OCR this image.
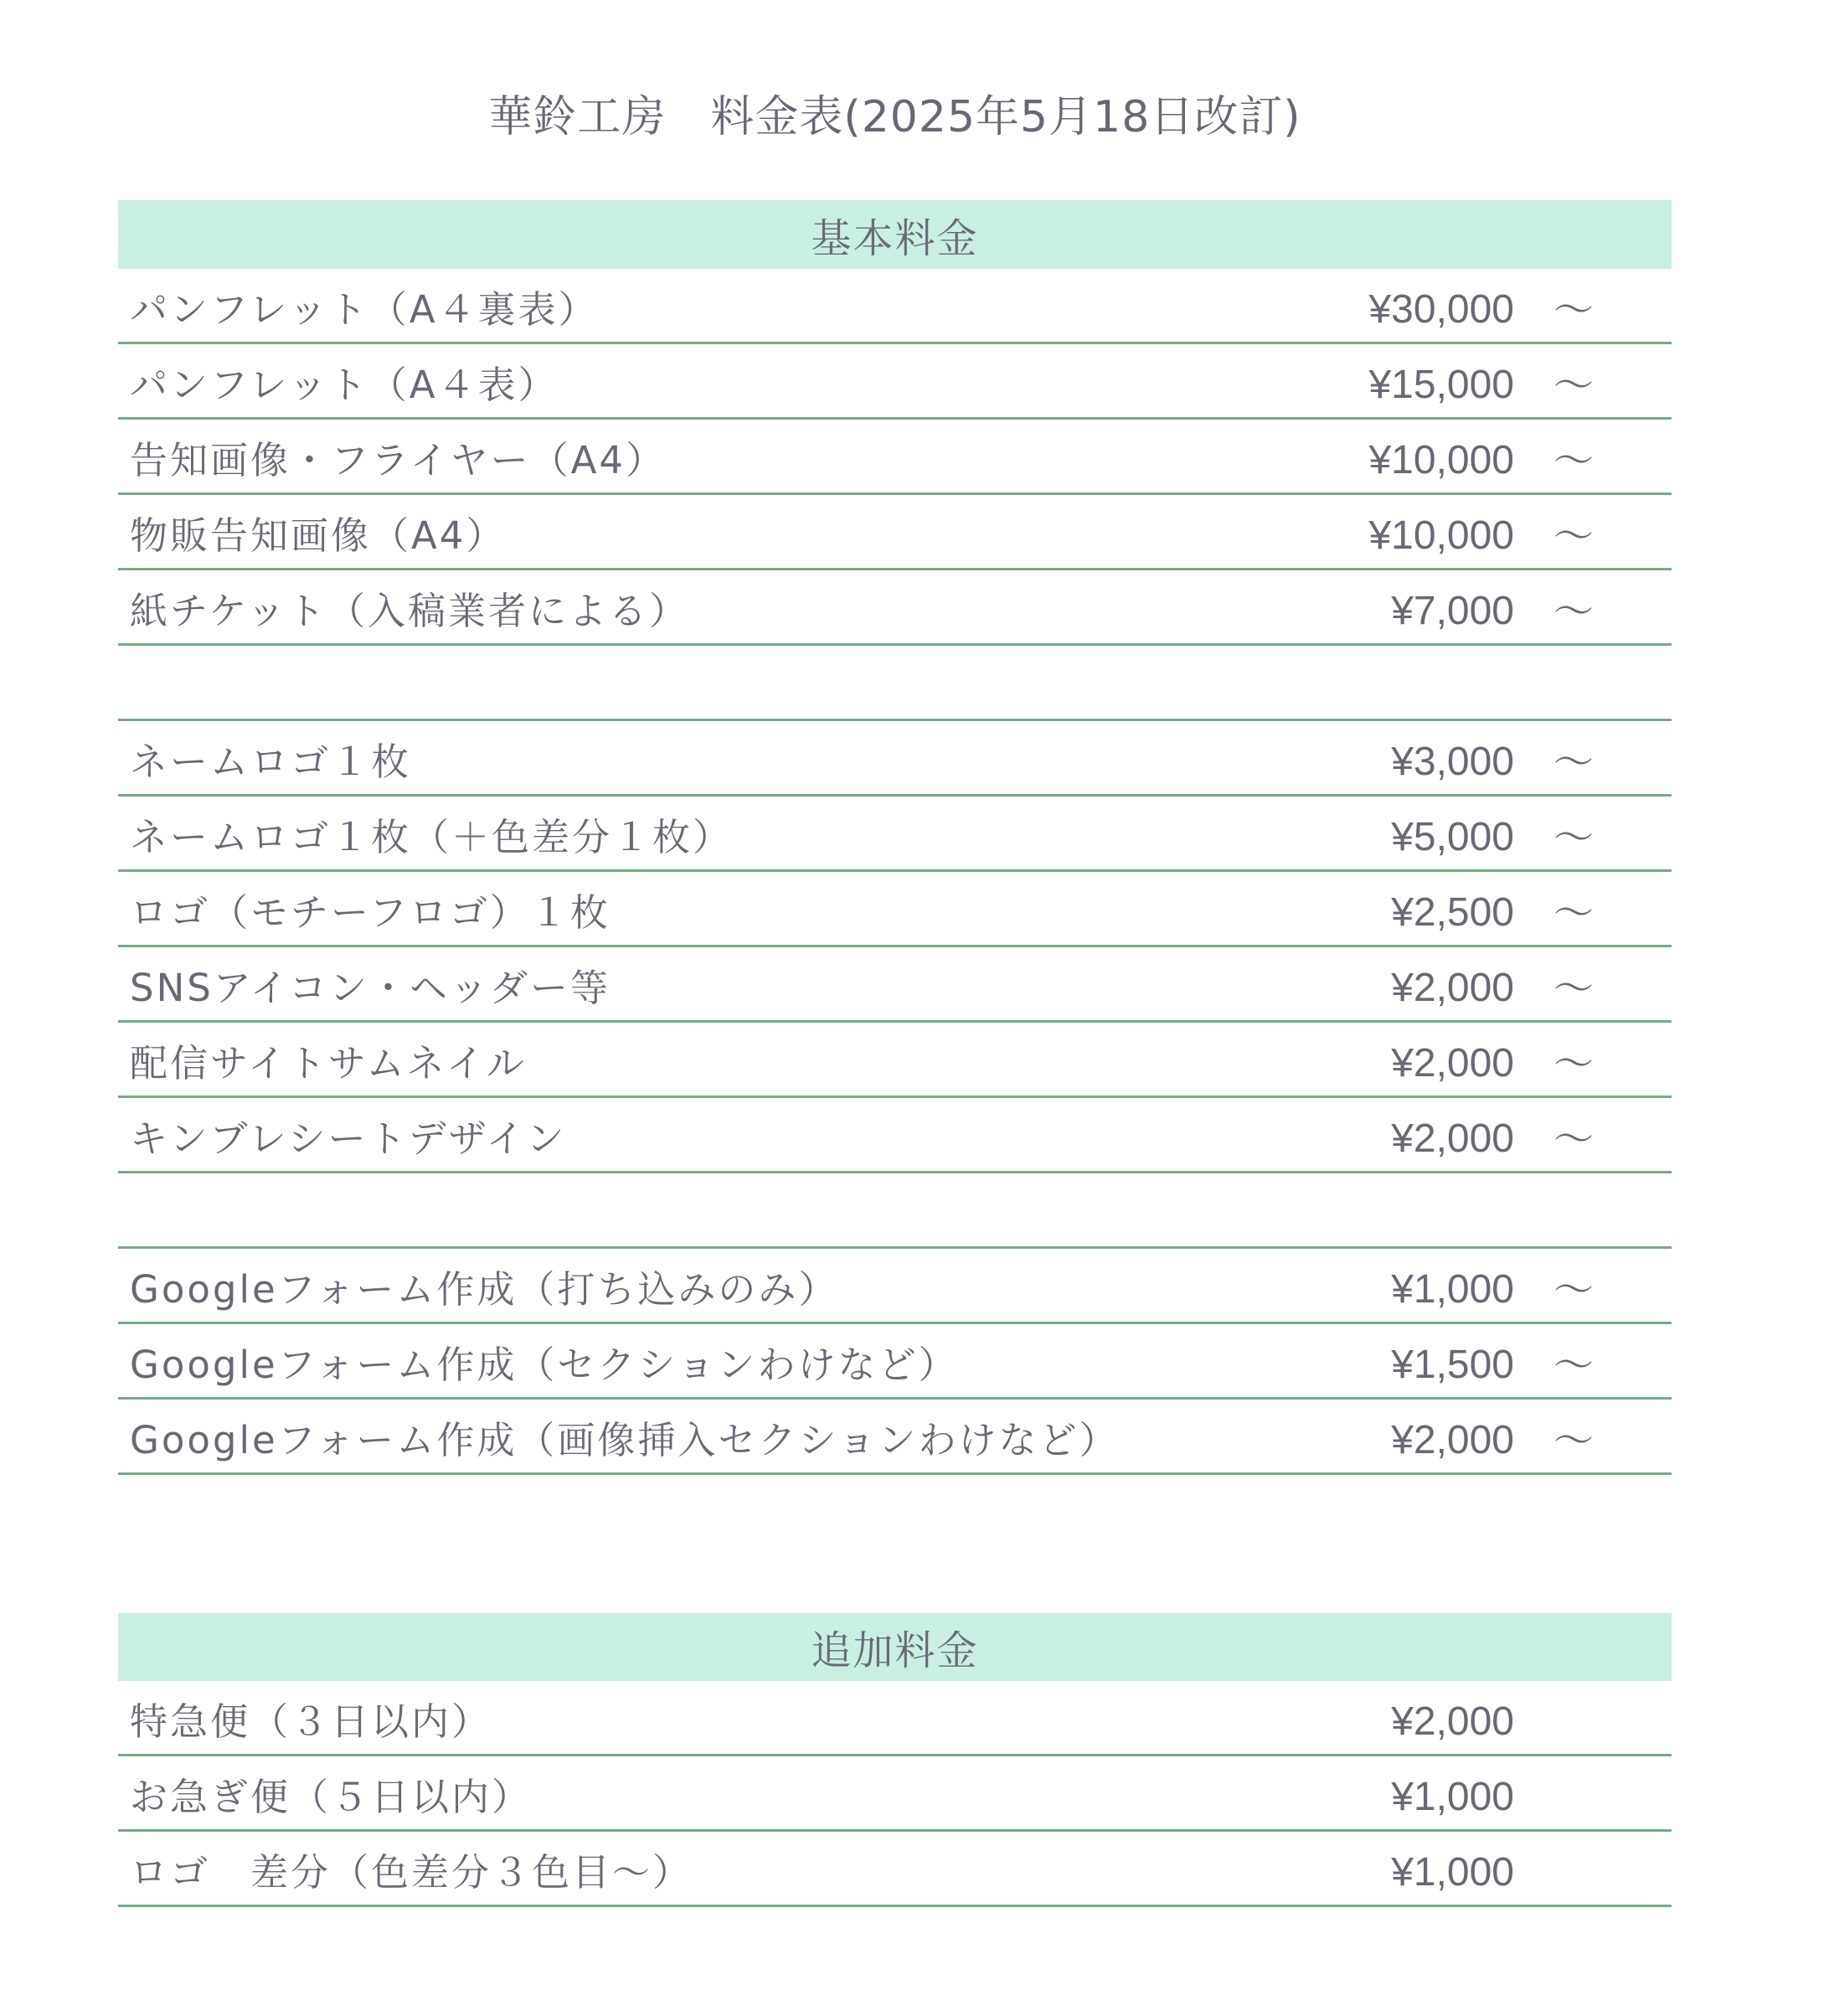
華鈴工房　料金表(2025年5月18日改訂)
基本料金
パンフレット（A４裏表）	¥30,000 ～
パンフレット（A４表）	¥15,000 ～
告知画像・フライヤー（A4）	¥10,000 ～
物販告知画像（A4）	¥10,000 ～
紙チケット（入稿業者による）	¥7,000 ～
ネームロゴ１枚	¥3,000 ～
ネームロゴ１枚（＋色差分１枚）	¥5,000 ～
ロゴ（モチーフロゴ）１枚	¥2,500 ～
SNSアイコン・ヘッダー等	¥2,000 ～
配信サイトサムネイル	¥2,000 ～
キンブレシートデザイン	¥2,000 ～
Googleフォーム作成（打ち込みのみ）	¥1,000 ～
Googleフォーム作成（セクションわけなど）	¥1,500 ～
Googleフォーム作成（画像挿入セクションわけなど）	¥2,000 ～
追加料金
特急便（３日以内）	¥2,000
お急ぎ便（５日以内）	¥1,000
ロゴ　差分（色差分３色目～）	¥1,000
